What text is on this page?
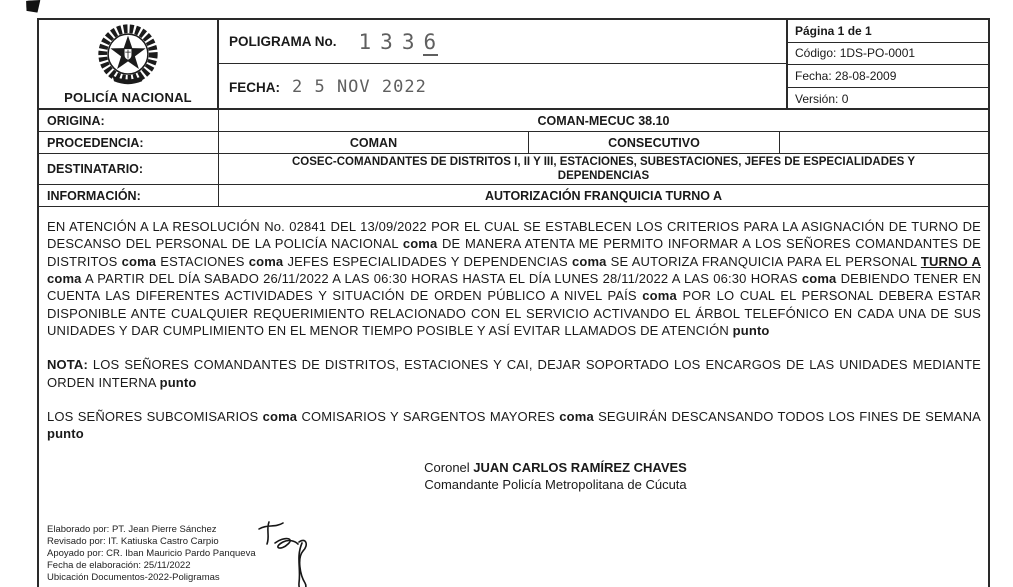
POLICÍA NACIONAL
POLIGRAMA No. 1 3 3 6
FECHA: 2 5 NOV 2022
Página 1 de 1
Código: 1DS-PO-0001
Fecha: 28-08-2009
Versión: 0
ORIGINA:	COMAN-MECUC 38.10
PROCEDENCIA:	COMAN	CONSECUTIVO
DESTINATARIO:
COSEC-COMANDANTES DE DISTRITOS I, II Y III, ESTACIONES, SUBESTACIONES, JEFES DE ESPECIALIDADES Y DEPENDENCIAS
INFORMACIÓN:	AUTORIZACIÓN FRANQUICIA TURNO A

EN ATENCIÓN A LA RESOLUCIÓN No. 02841 DEL 13/09/2022 POR EL CUAL SE ESTABLECEN LOS CRITERIOS PARA LA ASIGNACIÓN DE TURNO DE DESCANSO DEL PERSONAL DE LA POLICÍA NACIONAL coma DE MANERA ATENTA ME PERMITO INFORMAR A LOS SEÑORES COMANDANTES DE DISTRITOS coma ESTACIONES coma JEFES ESPECIALIDADES Y DEPENDENCIAS coma SE AUTORIZA FRANQUICIA PARA EL PERSONAL TURNO A coma A PARTIR DEL DÍA SABADO 26/11/2022 A LAS 06:30 HORAS HASTA EL DÍA LUNES 28/11/2022 A LAS 06:30 HORAS coma DEBIENDO TENER EN CUENTA LAS DIFERENTES ACTIVIDADES Y SITUACIÓN DE ORDEN PÚBLICO A NIVEL PAÍS coma POR LO CUAL EL PERSONAL DEBERA ESTAR DISPONIBLE ANTE CUALQUIER REQUERIMIENTO RELACIONADO CON EL SERVICIO ACTIVANDO EL ÁRBOL TELEFÓNICO EN CADA UNA DE SUS UNIDADES Y DAR CUMPLIMIENTO EN EL MENOR TIEMPO POSIBLE Y ASÍ EVITAR LLAMADOS DE ATENCIÓN punto

NOTA: LOS SEÑORES COMANDANTES DE DISTRITOS, ESTACIONES Y CAI, DEJAR SOPORTADO LOS ENCARGOS DE LAS UNIDADES MEDIANTE ORDEN INTERNA punto

LOS SEÑORES SUBCOMISARIOS coma COMISARIOS Y SARGENTOS MAYORES coma SEGUIRÁN DESCANSANDO TODOS LOS FINES DE SEMANA punto

Coronel JUAN CARLOS RAMÍREZ CHAVES
Comandante Policía Metropolitana de Cúcuta
Elaborado por: PT. Jean Pierre Sánchez
Revisado por: IT. Katiuska Castro Carpio
Apoyado por: CR. Iban Mauricio Pardo Panqueva
Fecha de elaboración: 25/11/2022
Ubicación Documentos-2022-Poligramas
